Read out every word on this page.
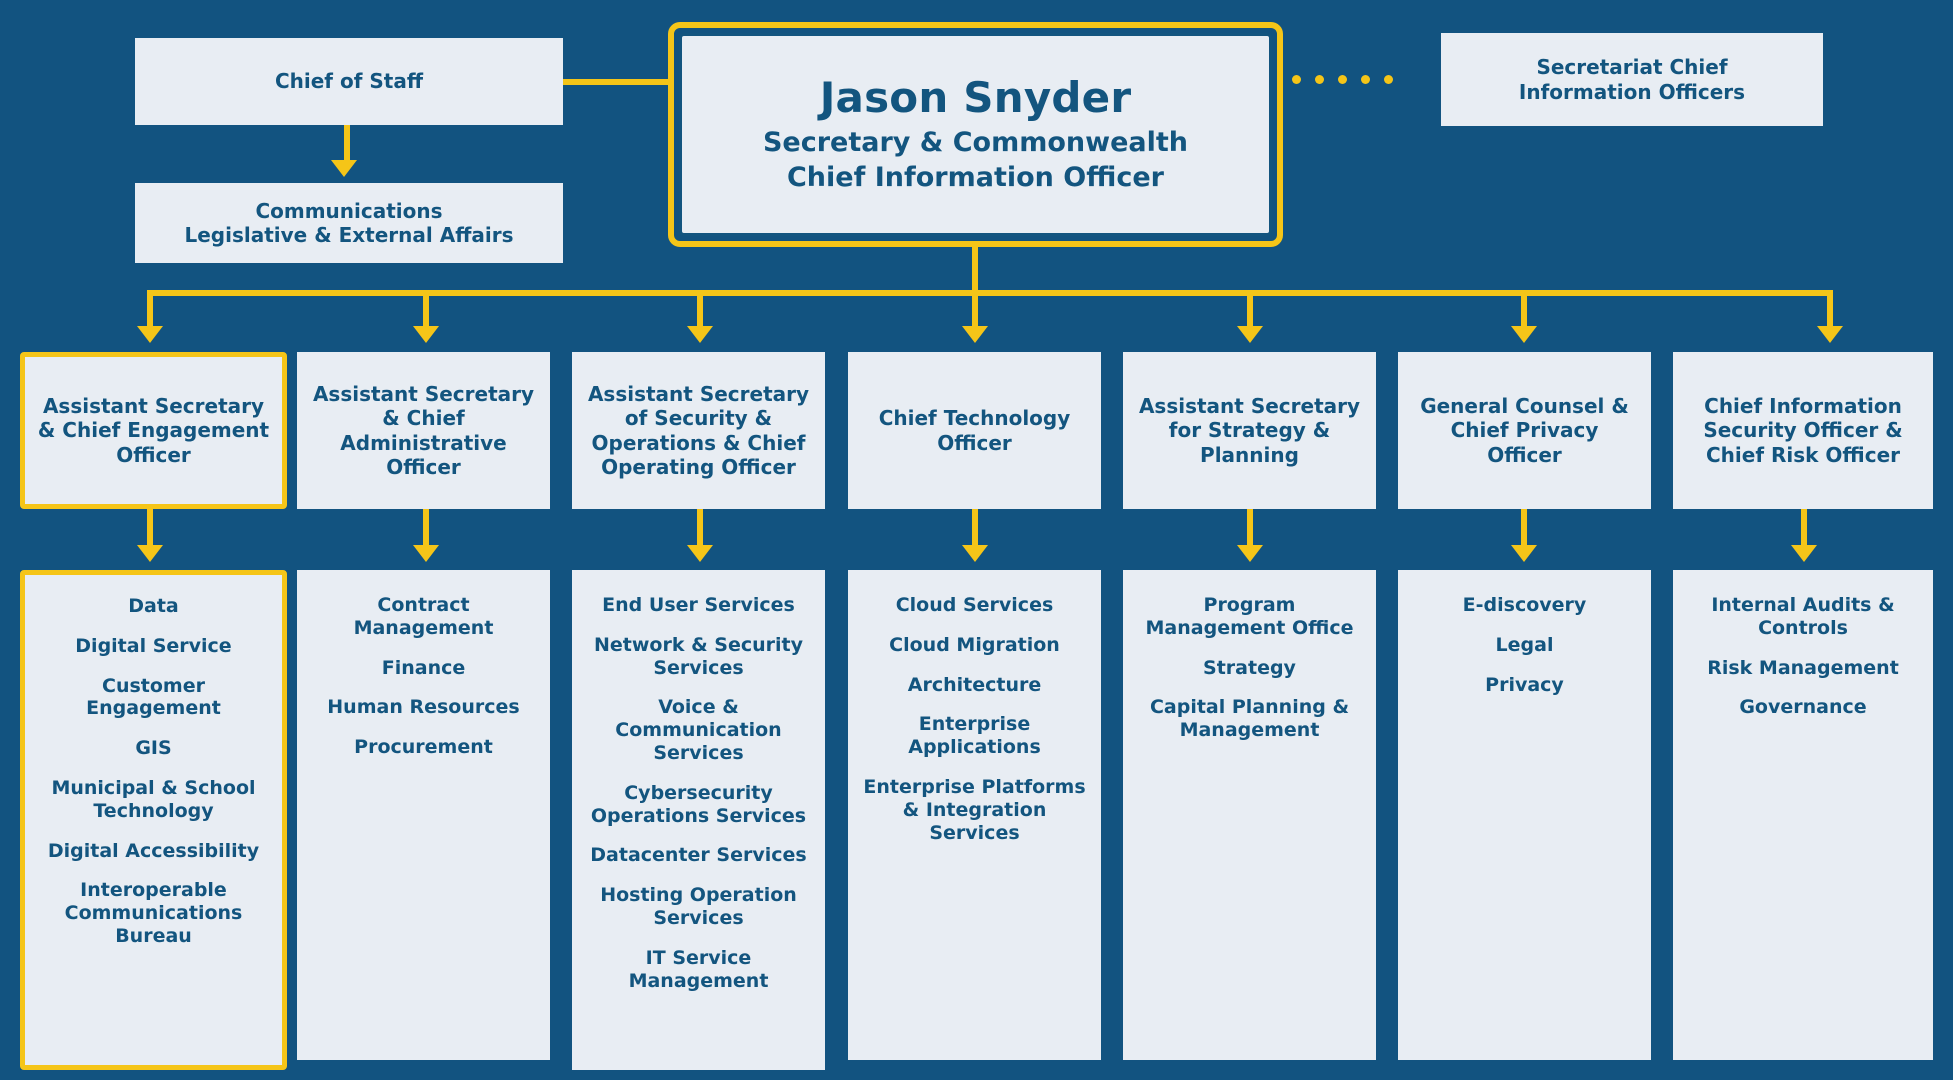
Chief of Staff
Communications
Legislative & External Affairs
Secretariat Chief
Information Officers
Jason Snyder
Secretary & Commonwealth
Chief Information Officer
Assistant Secretary & Chief Engagement Officer
Assistant Secretary & Chief Administrative Officer
Assistant Secretary of Security & Operations & Chief Operating Officer
Chief Technology Officer
Assistant Secretary for Strategy & Planning
General Counsel & Chief Privacy Officer
Chief Information Security Officer & Chief Risk Officer
Data
Digital Service
Customer Engagement
GIS
Municipal & School Technology
Digital Accessibility
Interoperable Communications Bureau
Contract Management
Finance
Human Resources
Procurement
End User Services
Network & Security Services
Voice & Communication Services
Cybersecurity Operations Services
Datacenter Services
Hosting Operation Services
IT Service Management
Cloud Services
Cloud Migration
Architecture
Enterprise Applications
Enterprise Platforms & Integration Services
Program Management Office
Strategy
Capital Planning & Management
E-discovery
Legal
Privacy
Internal Audits & Controls
Risk Management
Governance
